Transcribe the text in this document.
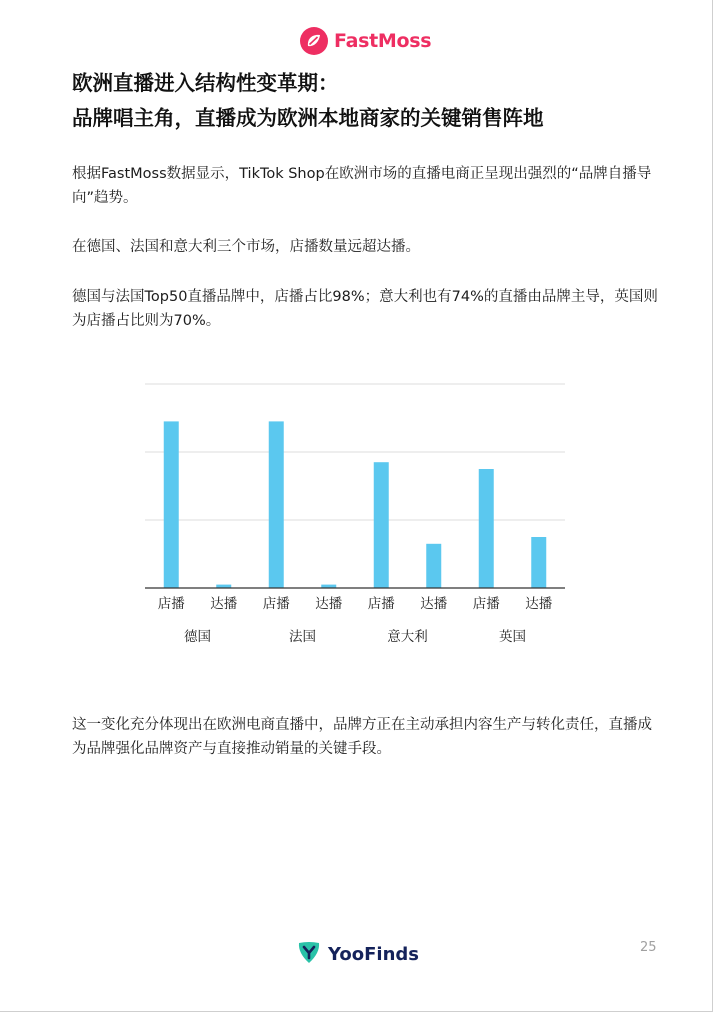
FastMoss
欧洲直播进入结构性变革期：
品牌唱主角，直播成为欧洲本地商家的关键销售阵地
根据FastMoss数据显示，TikTok Shop在欧洲市场的直播电商正呈现出强烈的“品牌自播导向”趋势。
在德国、法国和意大利三个市场，店播数量远超达播。
德国与法国Top50直播品牌中，店播占比98%；意大利也有74%的直播由品牌主导，英国则为店播占比则为70%。
店播 达播 店播 达播 店播 达播 店播 达播
德国	法国	意大利	英国
这一变化充分体现出在欧洲电商直播中，品牌方正在主动承担内容生产与转化责任，直播成为品牌强化品牌资产与直接推动销量的关键手段。
YooFinds	25
